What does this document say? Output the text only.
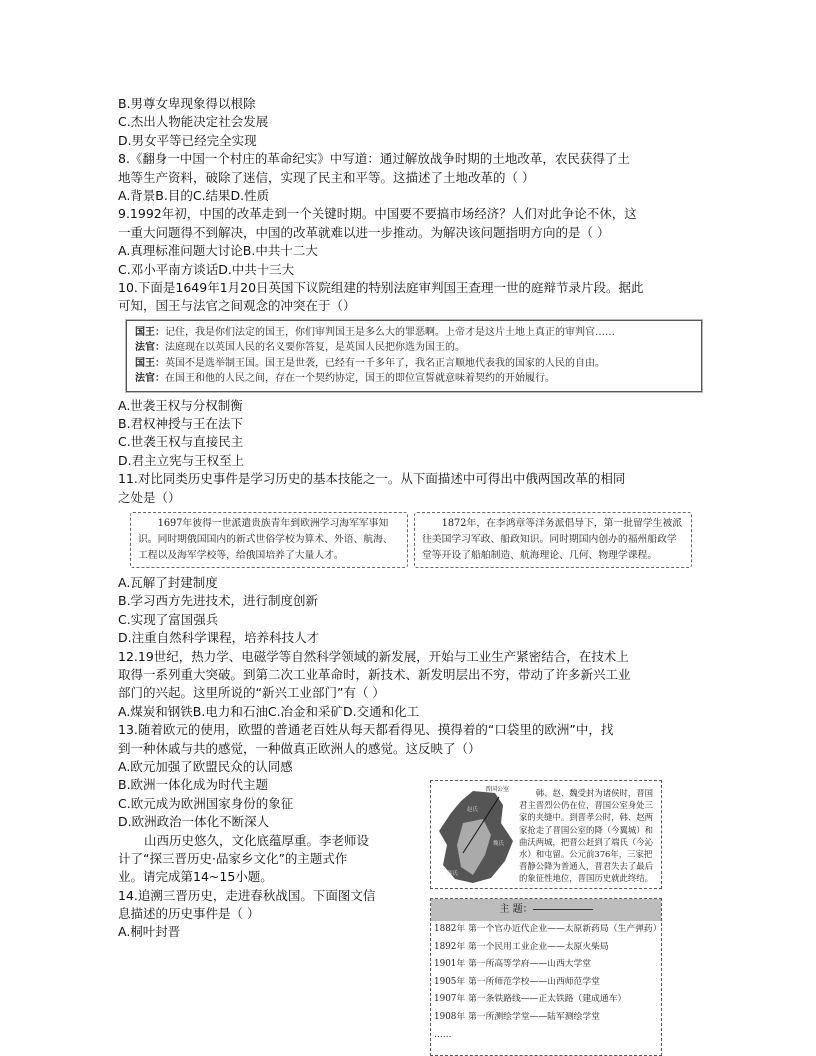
B.男尊女卑现象得以根除
C.杰出人物能决定社会发展
D.男女平等已经完全实现
8.《翻身一中国一个村庄的革命纪实》中写道：通过解放战争时期的土地改革，农民获得了土
地等生产资料，破除了迷信，实现了民主和平等。这描述了土地改革的（ ）
A.背景B.目的C.结果D.性质
9.1992年初，中国的改革走到一个关键时期。中国要不要搞市场经济？人们对此争论不休，这
一重大问题得不到解决，中国的改革就难以进一步推动。为解决该问题指明方向的是（ ）
A.真理标准问题大讨论B.中共十二大
C.邓小平南方谈话D.中共十三大
10.下面是1649年1月20日英国下议院组建的特别法庭审判国王查理一世的庭辩节录片段。据此
可知，国王与法官之间观念的冲突在于（）
国王：记住，我是你们法定的国王，你们审判国王是多么大的罪恶啊。上帝才是这片土地上真正的审判官……
法官：法庭现在以英国人民的名义要你答复，是英国人民把你选为国王的。
国王：英国不是选举制王国。国王是世袭，已经有一千多年了，我名正言顺地代表我的国家的人民的自由。
法官：在国王和他的人民之间，存在一个契约协定，国王的即位宣誓就意味着契约的开始履行。
A.世袭王权与分权制衡
B.君权神授与王在法下
C.世袭王权与直接民主
D.君主立宪与王权至上
11.对比同类历史事件是学习历史的基本技能之一。从下面描述中可得出中俄两国改革的相同
之处是（）
1697年彼得一世派遣贵族青年到欧洲学习海军军事知识。同时期俄国国内的新式世俗学校为算术、外语、航海、工程以及海军学校等，给俄国培养了大量人才。
1872年，在李鸿章等洋务派倡导下，第一批留学生被派往美国学习军政、船政知识。同时期国内创办的福州船政学堂等开设了船舶制造、航海理论、几何、物理学课程。
A.瓦解了封建制度
B.学习西方先进技术，进行制度创新
C.实现了富国强兵
D.注重自然科学课程，培养科技人才
12.19世纪，热力学、电磁学等自然科学领域的新发展，开始与工业生产紧密结合，在技术上
取得一系列重大突破。到第二次工业革命时，新技术、新发明层出不穷，带动了许多新兴工业
部门的兴起。这里所说的“新兴工业部门”有（ ）
A.煤炭和钢铁B.电力和石油C.冶金和采矿D.交通和化工
13.随着欧元的使用，欧盟的普通老百姓从每天都看得见、摸得着的“口袋里的欧洲”中，找
到一种休戚与共的感觉，一种做真正欧洲人的感觉。这反映了（）
A.欧元加强了欧盟民众的认同感
B.欧洲一体化成为时代主题
C.欧元成为欧洲国家身份的象征
D.欧洲政治一体化不断深人
山西历史悠久，文化底蕴厚重。李老师设
计了“探三晋历史·品家乡文化”的主题式作
业。请完成第14~15小题。
14.追溯三晋历史，走进春秋战国。下面图文信
息描述的历史事件是（ ）
A.桐叶封晋
晋国公室
赵氏
魏氏
韩氏
韩、赵、魏受封为诸侯时，晋国君主晋烈公仍在位，晋国公室身处三家的夹缝中。到晋孝公时，韩、赵两家抢走了晋国公室的降（今翼城）和曲沃两城，把晋公赶到了端氏（今沁水）和屯留。公元前376年，三家把晋静公降为普通人，晋君失去了最后的象征性地位，晋国历史就此终结。
主 题：
1882年 第一个官办近代企业——太原新药局（生产弹药）
1892年 第一个民用工业企业——太原火柴局
1901年 第一所高等学府——山西大学堂
1905年 第一所师范学校——山西师范学堂
1907年 第一条铁路线——正太铁路（建成通车）
1908年 第一所测绘学堂——陆军测绘学堂
……
